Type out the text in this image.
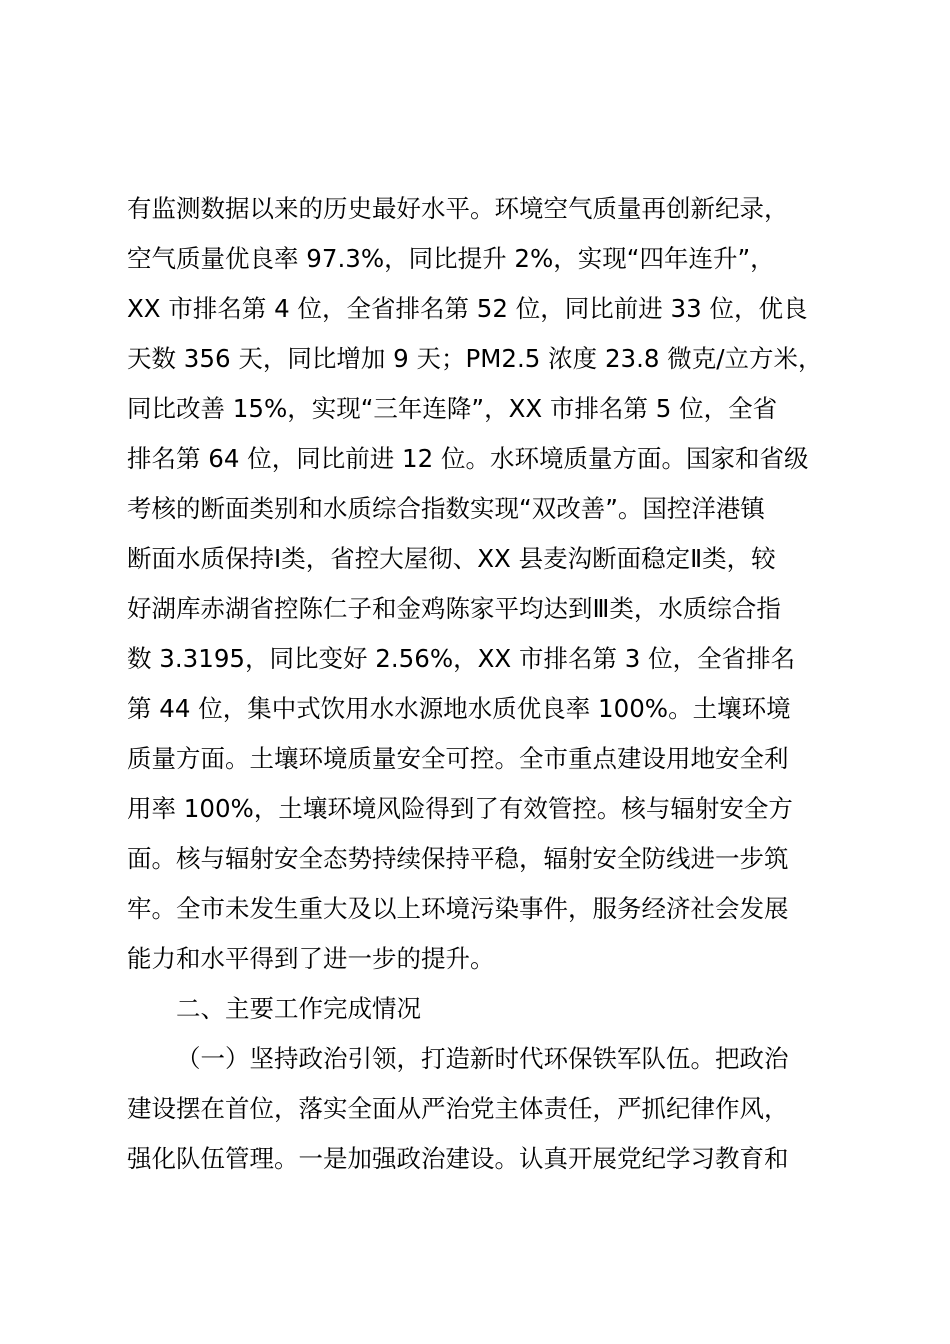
有监测数据以来的历史最好水平。环境空气质量再创新纪录，
空气质量优良率 97.3%，同比提升 2%，实现“四年连升”，
XX 市排名第 4 位，全省排名第 52 位，同比前进 33 位，优良
天数 356 天，同比增加 9 天；PM2.5 浓度 23.8 微克/立方米，
同比改善 15%，实现“三年连降”，XX 市排名第 5 位，全省
排名第 64 位，同比前进 12 位。水环境质量方面。国家和省级
考核的断面类别和水质综合指数实现“双改善”。国控洋港镇
断面水质保持Ⅰ类，省控大屋彻、XX 县麦沟断面稳定Ⅱ类，较
好湖库赤湖省控陈仁子和金鸡陈家平均达到Ⅲ类，水质综合指
数 3.3195，同比变好 2.56%，XX 市排名第 3 位，全省排名
第 44 位，集中式饮用水水源地水质优良率 100%。土壤环境
质量方面。土壤环境质量安全可控。全市重点建设用地安全利
用率 100%，土壤环境风险得到了有效管控。核与辐射安全方
面。核与辐射安全态势持续保持平稳，辐射安全防线进一步筑
牢。全市未发生重大及以上环境污染事件，服务经济社会发展
能力和水平得到了进一步的提升。
二、主要工作完成情况
（一）坚持政治引领，打造新时代环保铁军队伍。把政治
建设摆在首位，落实全面从严治党主体责任，严抓纪律作风，
强化队伍管理。一是加强政治建设。认真开展党纪学习教育和
